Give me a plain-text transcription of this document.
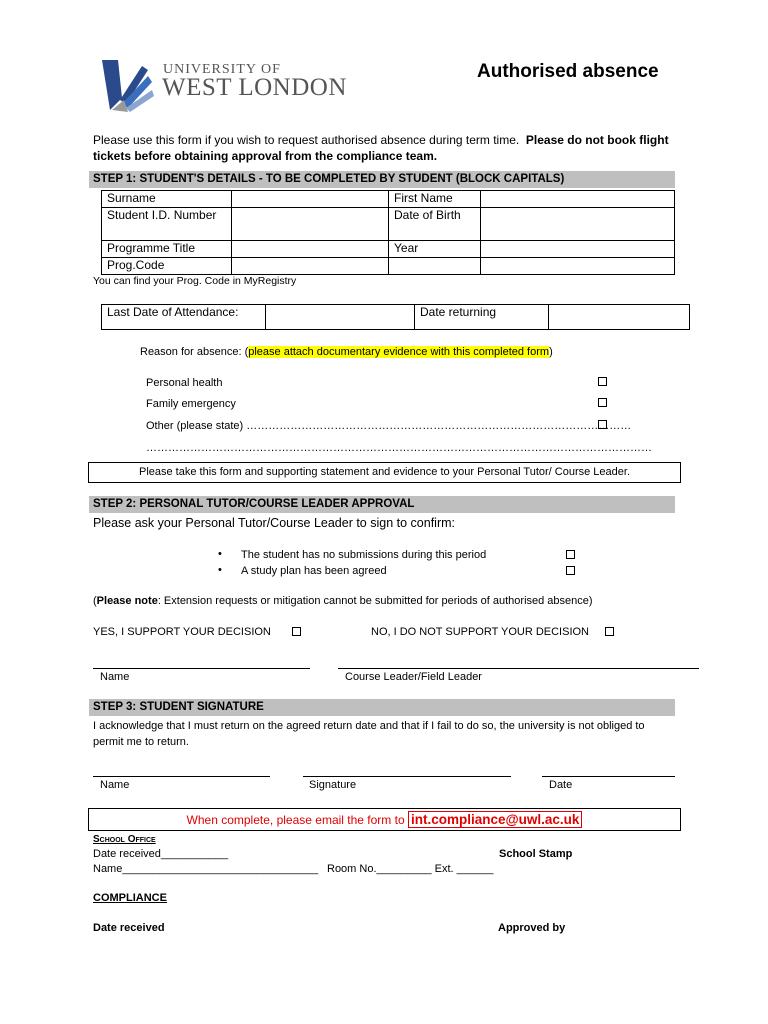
UNIVERSITY OF
WEST LONDON
Authorised absence
Please use this form if you wish to request authorised absence during term time. Please do not book flight tickets before obtaining approval from the compliance team.
STEP 1: STUDENT'S DETAILS - TO BE COMPLETED BY STUDENT (BLOCK CAPITALS)
Surname		First Name	
Student I.D. Number		Date of Birth	
Programme Title		Year	
Prog.Code			
You can find your Prog. Code in MyRegistry
Last Date of Attendance:		Date returning	
Reason for absence: (please attach documentary evidence with this completed form)
Personal health
Family emergency
Other (please state) ……………………………………………………………………………………………
…………………………………………………………………………………………………………………………
Please take this form and supporting statement and evidence to your Personal Tutor/ Course Leader.
STEP 2: PERSONAL TUTOR/COURSE LEADER APPROVAL
Please ask your Personal Tutor/Course Leader to sign to confirm:
• The student has no submissions during this period
• A study plan has been agreed
(Please note: Extension requests or mitigation cannot be submitted for periods of authorised absence)
YES, I SUPPORT YOUR DECISION	NO, I DO NOT SUPPORT YOUR DECISION
Name	Course Leader/Field Leader
STEP 3: STUDENT SIGNATURE
I acknowledge that I must return on the agreed return date and that if I fail to do so, the university is not obliged to permit me to return.
Name	Signature	Date
When complete, please email the form to int.compliance@uwl.ac.uk
School Office
Date received___________	School Stamp
Name________________________________ Room No._________ Ext. ______
COMPLIANCE
Date received	Approved by
